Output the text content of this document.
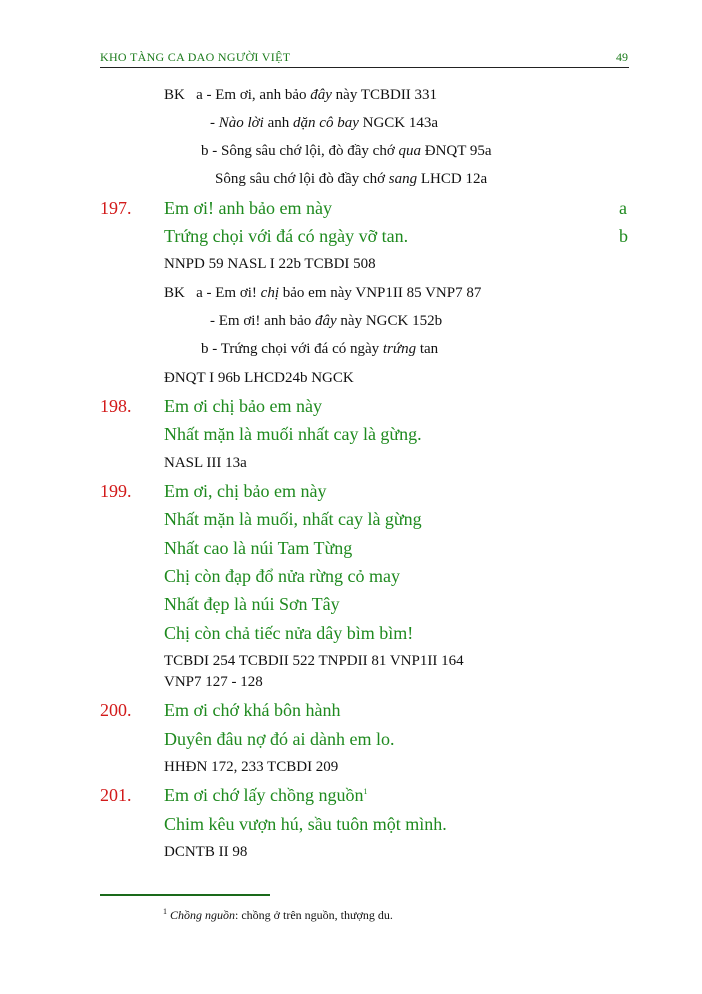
KHO TÀNG CA DAO NGƯỜI VIỆT	49
BK a - Em ơi, anh bảo đây này TCBDII 331
- Nào lời anh dặn cô bay NGCK 143a
b - Sông sâu chớ lội, đò đầy chớ qua ĐNQT 95a
Sông sâu chớ lội đò đầy chớ sang LHCD 12a
197. Em ơi! anh bảo em này	a
Trứng chọi với đá có ngày vỡ tan.	b
NNPD 59 NASL I 22b TCBDI 508
BK a - Em ơi! chị bảo em này VNP1II 85 VNP7 87
- Em ơi! anh bảo đây này NGCK 152b
b - Trứng chọi với đá có ngày trứng tan
ĐNQT I 96b LHCD24b NGCK
198. Em ơi chị bảo em này
Nhất mặn là muối nhất cay là gừng.
NASL III 13a
199. Em ơi, chị bảo em này
Nhất mặn là muối, nhất cay là gừng
Nhất cao là núi Tam Từng
Chị còn đạp đổ nửa rừng cỏ may
Nhất đẹp là núi Sơn Tây
Chị còn chả tiếc nửa dây bìm bìm!
TCBDI 254 TCBDII 522 TNPDII 81 VNP1II 164
VNP7 127 - 128
200. Em ơi chớ khá bôn hành
Duyên đâu nợ đó ai dành em lo.
HHĐN 172, 233 TCBDI 209
201. Em ơi chớ lấy chồng nguồn$^1$
Chim kêu vượn hú, sầu tuôn một mình.
DCNTB II 98
$^1$ Chồng nguồn: chồng ở trên nguồn, thượng du.
